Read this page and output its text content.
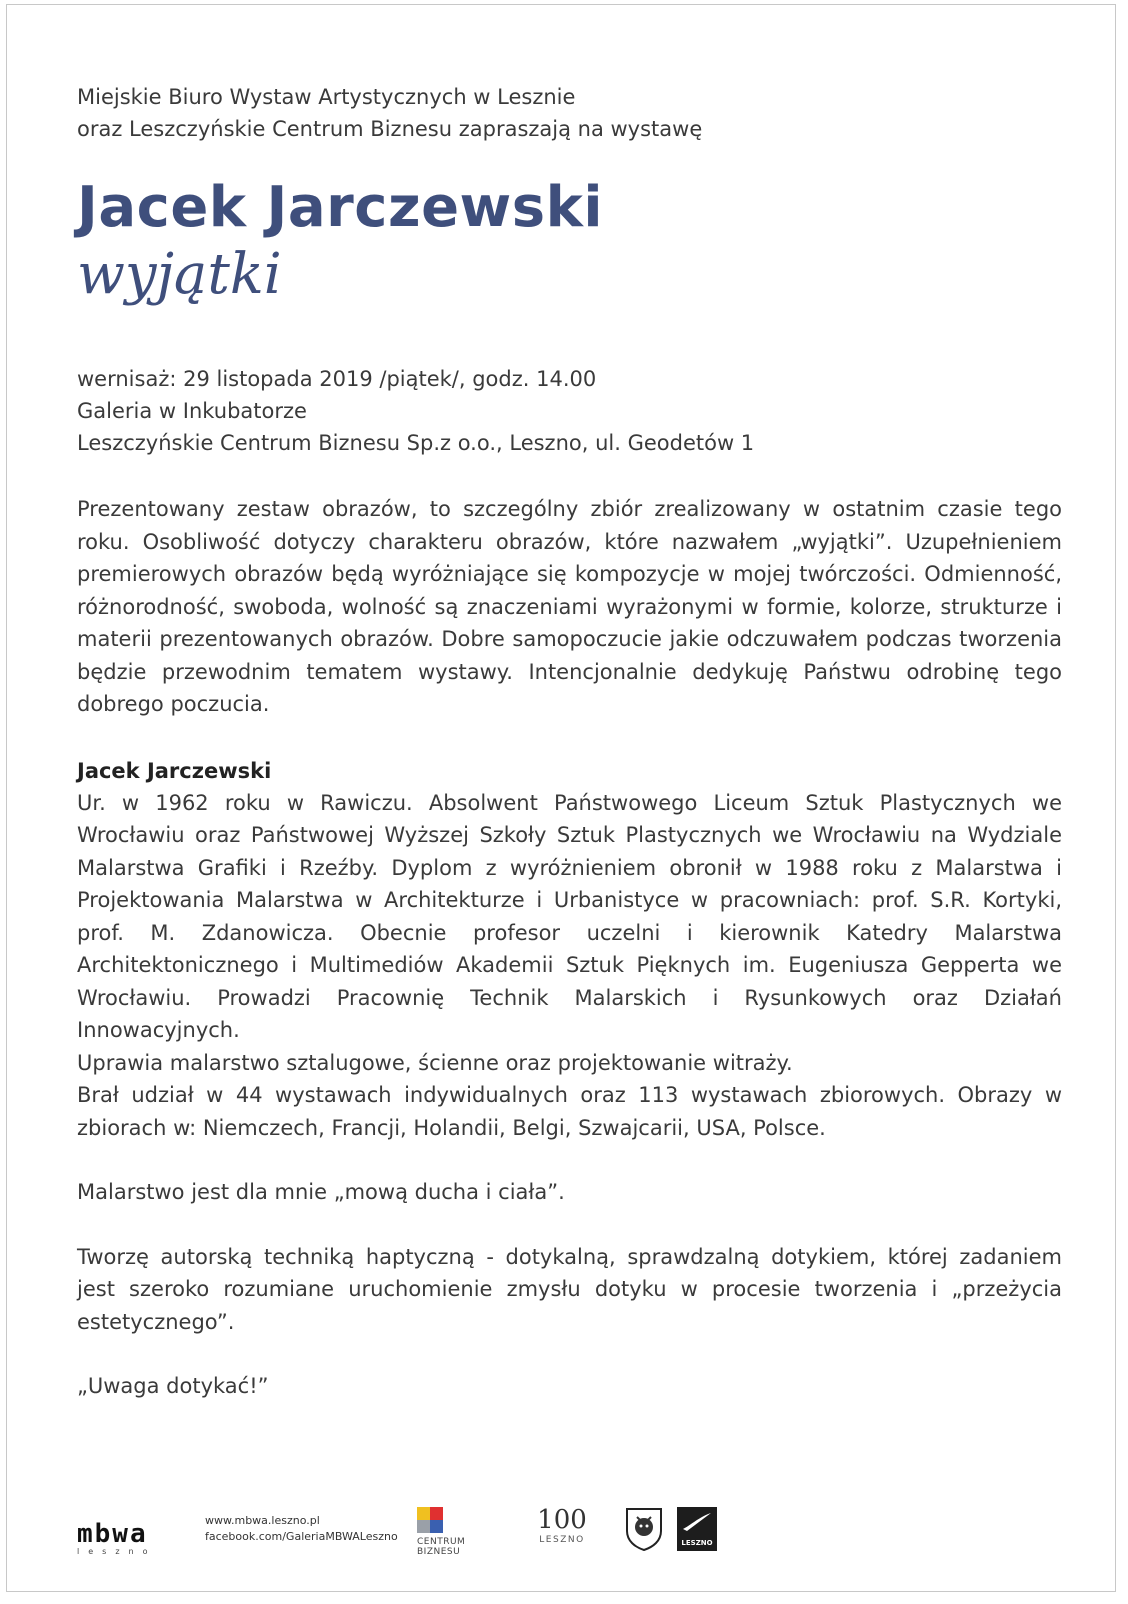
Miejskie Biuro Wystaw Artystycznych w Lesznie
oraz Leszczyńskie Centrum Biznesu zapraszają na wystawę
Jacek Jarczewski
wyjątki
wernisaż: 29 listopada 2019 /piątek/, godz. 14.00
Galeria w Inkubatorze
Leszczyńskie Centrum Biznesu Sp.z o.o., Leszno, ul. Geodetów 1

Prezentowany zestaw obrazów, to szczególny zbiór zrealizowany w ostatnim czasie tego roku. Osobliwość dotyczy charakteru obrazów, które nazwałem „wyjątki”. Uzupełnieniem premierowych obrazów będą wyróżniające się kompozycje w mojej twórczości. Odmienność, różnorodność, swoboda, wolność są znaczeniami wyrażonymi w formie, kolorze, strukturze i materii prezentowanych obrazów. Dobre samopoczucie jakie odczuwałem podczas tworzenia będzie przewodnim tematem wystawy. Intencjonalnie dedykuję Państwu odrobinę tego dobrego poczucia.

Jacek Jarczewski

Ur. w 1962 roku w Rawiczu. Absolwent Państwowego Liceum Sztuk Plastycznych we Wrocławiu oraz Państwowej Wyższej Szkoły Sztuk Plastycznych we Wrocławiu na Wydziale Malarstwa Grafiki i Rzeźby. Dyplom z wyróżnieniem obronił w 1988 roku z Malarstwa i Projektowania Malarstwa w Architekturze i Urbanistyce w pracowniach: prof. S.R. Kortyki, prof. M. Zdanowicza. Obecnie profesor uczelni i kierownik Katedry Malarstwa Architektonicznego i Multimediów Akademii Sztuk Pięknych im. Eugeniusza Gepperta we Wrocławiu. Prowadzi Pracownię Technik Malarskich i Rysunkowych oraz Działań Innowacyjnych.

Uprawia malarstwo sztalugowe, ścienne oraz projektowanie witraży.

Brał udział w 44 wystawach indywidualnych oraz 113 wystawach zbiorowych. Obrazy w zbiorach w: Niemczech, Francji, Holandii, Belgi, Szwajcarii, USA, Polsce.

Malarstwo jest dla mnie „mową ducha i ciała”.

Tworzę autorską techniką haptyczną - dotykalną, sprawdzalną dotykiem, której zadaniem jest szeroko rozumiane uruchomienie zmysłu dotyku w procesie tworzenia i „przeżycia estetycznego”.

„Uwaga dotykać!”

mbwa
leszno
www.mbwa.leszno.pl
facebook.com/GaleriaMBWALeszno CENTRUM BIZNESU
100
LESZNO	LESZNO
